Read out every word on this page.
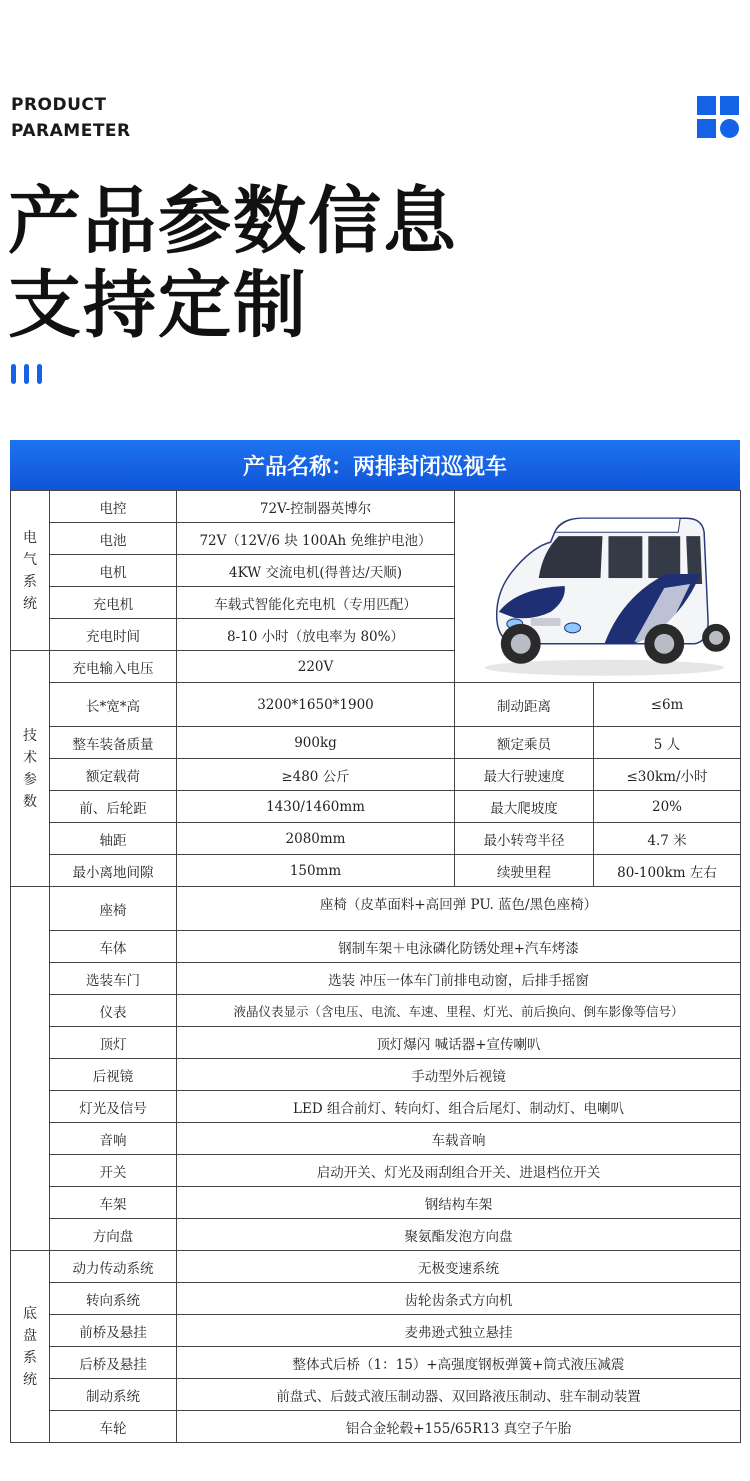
PRODUCT
PARAMETER
产品参数信息
支持定制
产品名称：两排封闭巡视车
电
气
系
统	电控	72V-控制器英博尔	

	电池	72V（12V/6 块 100Ah 免维护电池）		
	电机	4KW 交流电机(得普达/天顺)		
	充电机	车载式智能化充电机（专用匹配）		
	充电时间	8-10 小时（放电率为 80%）		

技
术
参
数	充电输入电压	220V		
	长*宽*高	3200*1650*1900	制动距离	≤6m
	整车装备质量	900kg	额定乘员	5 人
	额定载荷	≥480 公斤	最大行驶速度	≤30km/小时
	前、后轮距	1430/1460mm	最大爬坡度	20%
	轴距	2080mm	最小转弯半径	4.7 米
	最小离地间隙	150mm	续驶里程	80-100km 左右
	座椅	座椅（皮革面料+高回弹 PU. 蓝色/黑色座椅）		
	车体	钢制车架＋电泳磷化防锈处理+汽车烤漆		
	选装车门	选装 冲压一体车门前排电动窗，后排手摇窗		
	仪表	液晶仪表显示（含电压、电流、车速、里程、灯光、前后换向、倒车影像等信号）		
	顶灯	顶灯爆闪 喊话器+宣传喇叭		
	后视镜	手动型外后视镜		
	灯光及信号	LED 组合前灯、转向灯、组合后尾灯、制动灯、电喇叭		
	音响	车载音响		
	开关	启动开关、灯光及雨刮组合开关、进退档位开关		
	车架	钢结构车架		
	方向盘	聚氨酯发泡方向盘		

底
盘
系
统	动力传动系统	无极变速系统		
	转向系统	齿轮齿条式方向机		
	前桥及悬挂	麦弗逊式独立悬挂		
	后桥及悬挂	整体式后桥（1：15）+高强度钢板弹簧+筒式液压减震		
	制动系统	前盘式、后鼓式液压制动器、双回路液压制动、驻车制动装置		
	车轮	铝合金轮毂+155/65R13 真空子午胎		
